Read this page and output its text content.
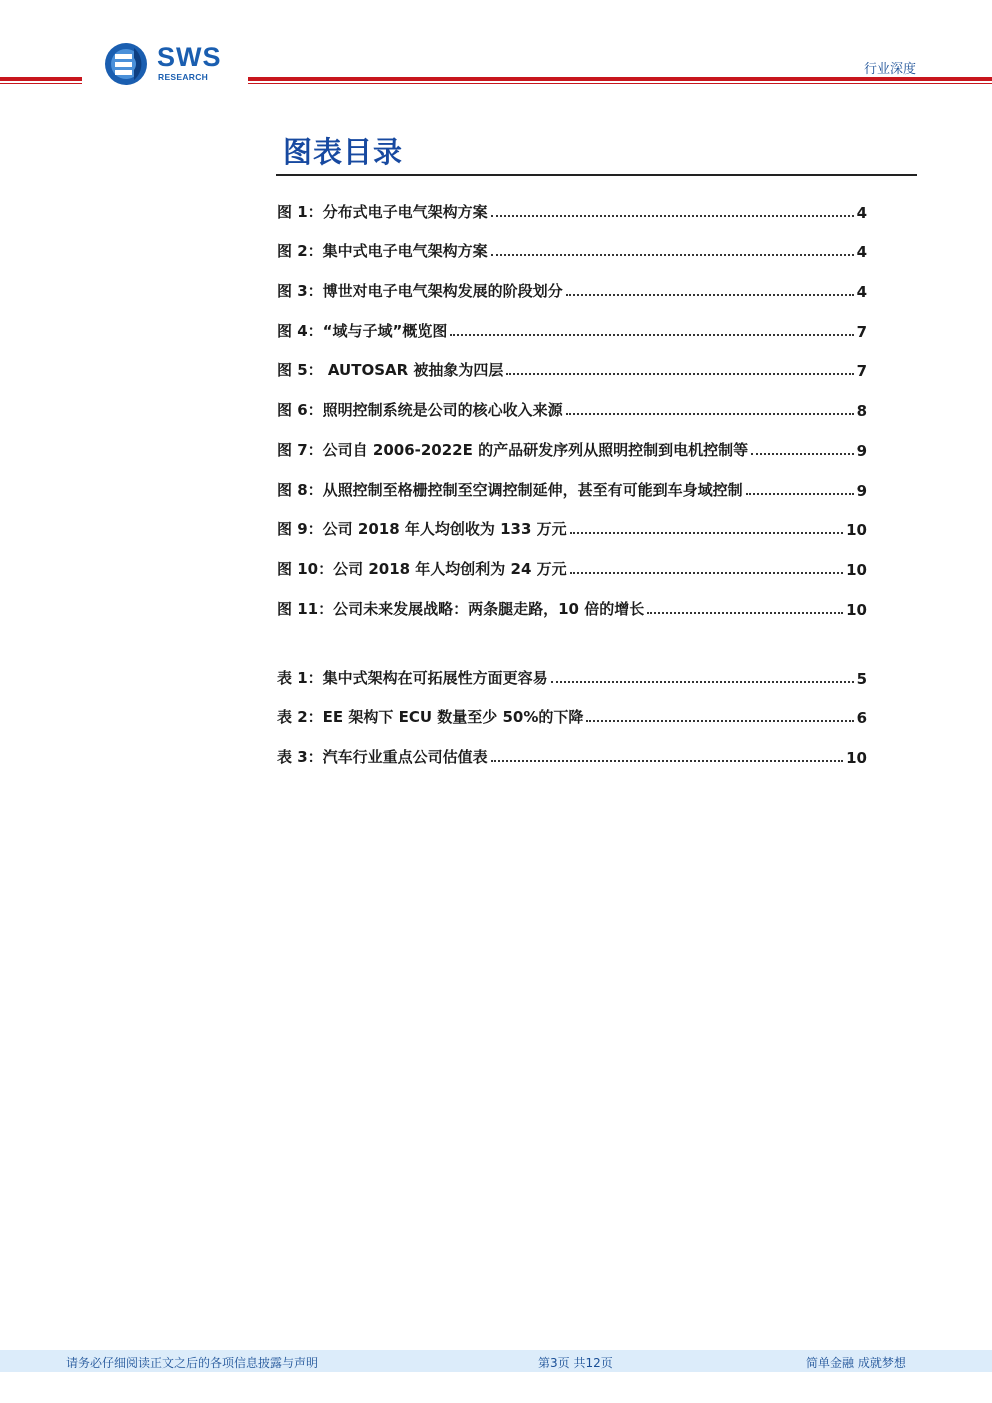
SWS
RESEARCH	行业深度
图表目录
图 1：分布式电子电气架构方案	4
图 2：集中式电子电气架构方案	4
图 3：博世对电子电气架构发展的阶段划分	4
图 4：“域与子域”概览图	7
图 5： AUTOSAR 被抽象为四层	7
图 6：照明控制系统是公司的核心收入来源	8
图 7：公司自 2006-2022E 的产品研发序列从照明控制到电机控制等	9
图 8：从照控制至格栅控制至空调控制延伸，甚至有可能到车身域控制	9
图 9：公司 2018 年人均创收为 133 万元	10
图 10：公司 2018 年人均创利为 24 万元	10
图 11：公司未来发展战略：两条腿走路，10 倍的增长	10
表 1：集中式架构在可拓展性方面更容易	5
表 2：EE 架构下 ECU 数量至少 50%的下降	6
表 3：汽车行业重点公司估值表	10
请务必仔细阅读正文之后的各项信息披露与声明	第3页 共12页	简单金融 成就梦想
